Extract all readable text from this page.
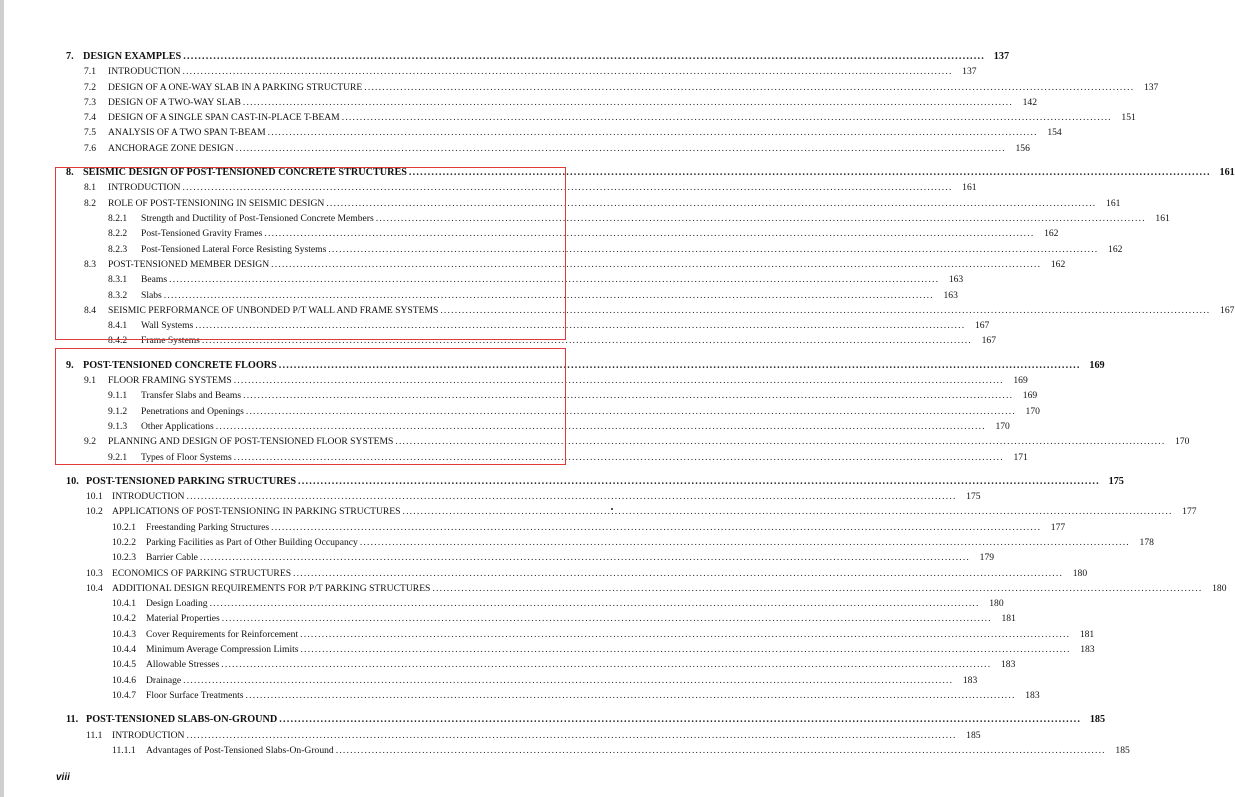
7. DESIGN EXAMPLES .....	137
7.1	INTRODUCTION .....	137
7.2	DESIGN OF A ONE-WAY SLAB IN A PARKING STRUCTURE .....	137
7.3	DESIGN OF A TWO-WAY SLAB .....	142
7.4	DESIGN OF A SINGLE SPAN CAST-IN-PLACE T-BEAM .....	151
7.5	ANALYSIS OF A TWO SPAN T-BEAM .....	154
7.6	ANCHORAGE ZONE DESIGN .....	156
8. SEISMIC DESIGN OF POST-TENSIONED CONCRETE STRUCTURES .....	161
8.1	INTRODUCTION .....	161
8.2	ROLE OF POST-TENSIONING IN SEISMIC DESIGN .....	161
8.2.1	Strength and Ductility of Post-Tensioned Concrete Members .....	161
8.2.2	Post-Tensioned Gravity Frames .....	162
8.2.3	Post-Tensioned Lateral Force Resisting Systems .....	162
8.3	POST-TENSIONED MEMBER DESIGN .....	162
8.3.1	Beams .....	163
8.3.2	Slabs .....	163
8.4	SEISMIC PERFORMANCE OF UNBONDED P/T WALL AND FRAME SYSTEMS .....	167
8.4.1	Wall Systems .....	167
8.4.2	Frame Systems .....	167
9. POST-TENSIONED CONCRETE FLOORS .....	169
9.1	FLOOR FRAMING SYSTEMS .....	169
9.1.1	Transfer Slabs and Beams .....	169
9.1.2	Penetrations and Openings .....	170
9.1.3	Other Applications .....	170
9.2	PLANNING AND DESIGN OF POST-TENSIONED FLOOR SYSTEMS .....	170
9.2.1	Types of Floor Systems .....	171
10. POST-TENSIONED PARKING STRUCTURES .....	175
10.1 INTRODUCTION .....	175
10.2 APPLICATIONS OF POST-TENSIONING IN PARKING STRUCTURES .....	177
10.2.1	Freestanding Parking Structures .....	177
10.2.2	Parking Facilities as Part of Other Building Occupancy .....	178
10.2.3	Barrier Cable .....	179
10.3 ECONOMICS OF PARKING STRUCTURES .....	180
10.4 ADDITIONAL DESIGN REQUIREMENTS FOR P/T PARKING STRUCTURES .....	180
10.4.1	Design Loading .....	180
10.4.2	Material Properties .....	181
10.4.3	Cover Requirements for Reinforcement .....	181
10.4.4	Minimum Average Compression Limits .....	183
10.4.5	Allowable Stresses .....	183
10.4.6	Drainage .....	183
10.4.7	Floor Surface Treatments .....	183
11. POST-TENSIONED SLABS-ON-GROUND .....	185
11.1 INTRODUCTION .....	185
11.1.1	Advantages of Post-Tensioned Slabs-On-Ground .....	185
viii
